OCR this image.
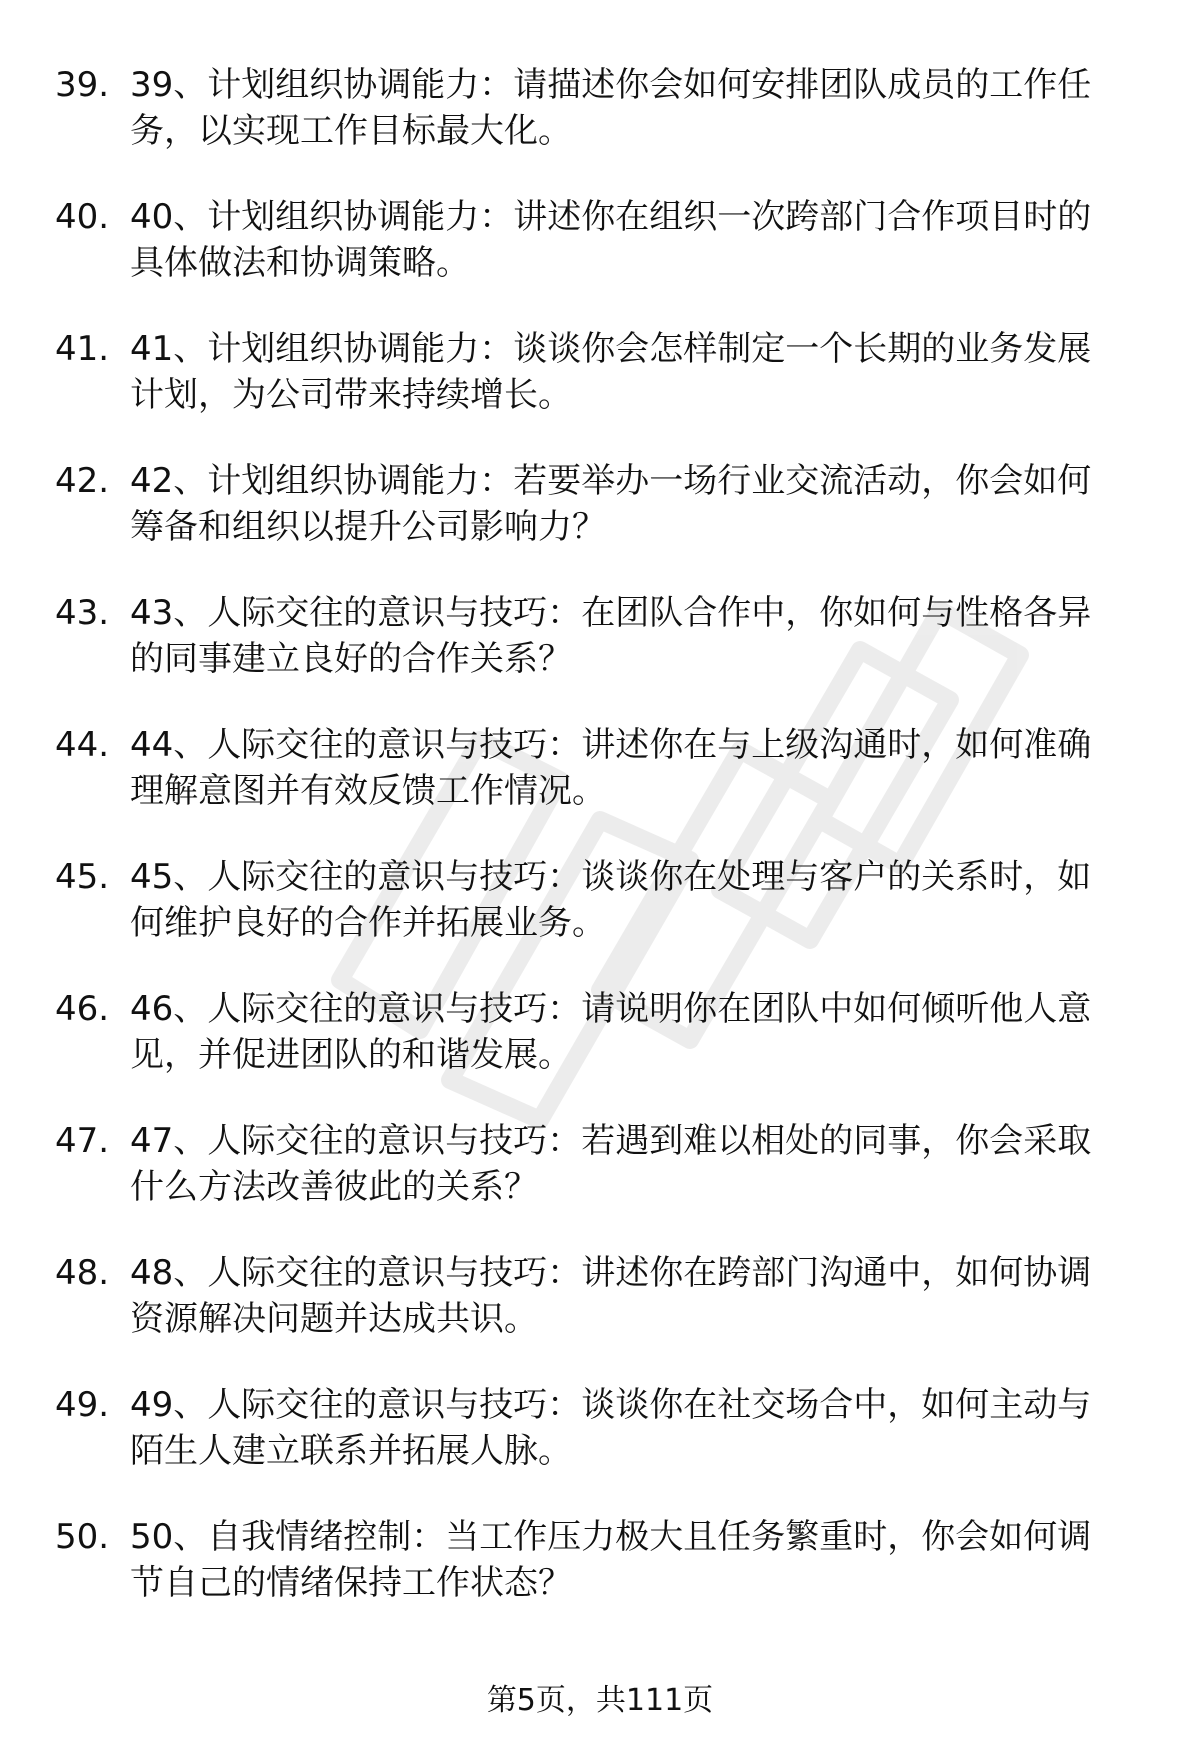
39. 39、计划组织协调能力：请描述你会如何安排团队成员的工作任
务，以实现工作目标最大化。
40. 40、计划组织协调能力：讲述你在组织一次跨部门合作项目时的
具体做法和协调策略。
41. 41、计划组织协调能力：谈谈你会怎样制定一个长期的业务发展
计划，为公司带来持续增长。
42. 42、计划组织协调能力：若要举办一场行业交流活动，你会如何
筹备和组织以提升公司影响力？
43. 43、人际交往的意识与技巧：在团队合作中，你如何与性格各异
的同事建立良好的合作关系？
44. 44、人际交往的意识与技巧：讲述你在与上级沟通时，如何准确
理解意图并有效反馈工作情况。
45. 45、人际交往的意识与技巧：谈谈你在处理与客户的关系时，如
何维护良好的合作并拓展业务。
46. 46、人际交往的意识与技巧：请说明你在团队中如何倾听他人意
见，并促进团队的和谐发展。
47. 47、人际交往的意识与技巧：若遇到难以相处的同事，你会采取
什么方法改善彼此的关系？
48. 48、人际交往的意识与技巧：讲述你在跨部门沟通中，如何协调
资源解决问题并达成共识。
49. 49、人际交往的意识与技巧：谈谈你在社交场合中，如何主动与
陌生人建立联系并拓展人脉。
50. 50、自我情绪控制：当工作压力极大且任务繁重时，你会如何调
节自己的情绪保持工作状态？
第5页，共111页
